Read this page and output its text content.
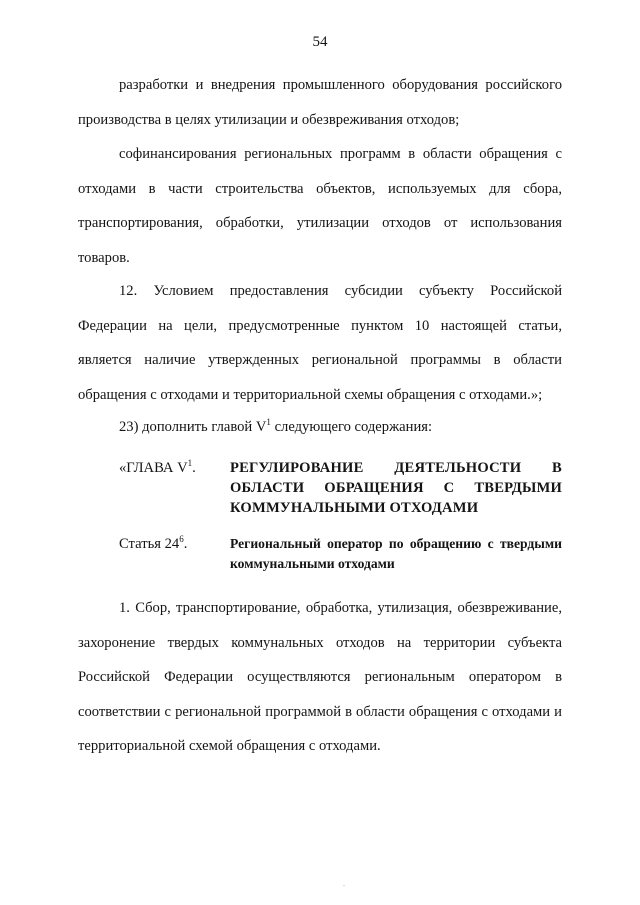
54

разработки и внедрения промышленного оборудования российского производства в целях утилизации и обезвреживания отходов;

софинансирования региональных программ в области обращения с отходами в части строительства объектов, используемых для сбора, транспортирования, обработки, утилизации отходов от использования товаров.

12. Условием предоставления субсидии субъекту Российской Федерации на цели, предусмотренные пунктом 10 настоящей статьи, является наличие утвержденных региональной программы в области обращения с отходами и территориальной схемы обращения с отходами.»;

23) дополнить главой $V^1$ следующего содержания:

«ГЛАВА $V^1$. РЕГУЛИРОВАНИЕ ДЕЯТЕЛЬНОСТИ В ОБЛАСТИ ОБРАЩЕНИЯ С ТВЕРДЫМИ КОММУНАЛЬНЫМИ ОТХОДАМИ

Статья $24^6$.	Региональный оператор по обращению с твердыми коммунальными отходами

1. Сбор, транспортирование, обработка, утилизация, обезвреживание, захоронение твердых коммунальных отходов на территории субъекта Российской Федерации осуществляются региональным оператором в соответствии с региональной программой в области обращения с отходами и территориальной схемой обращения с отходами.
